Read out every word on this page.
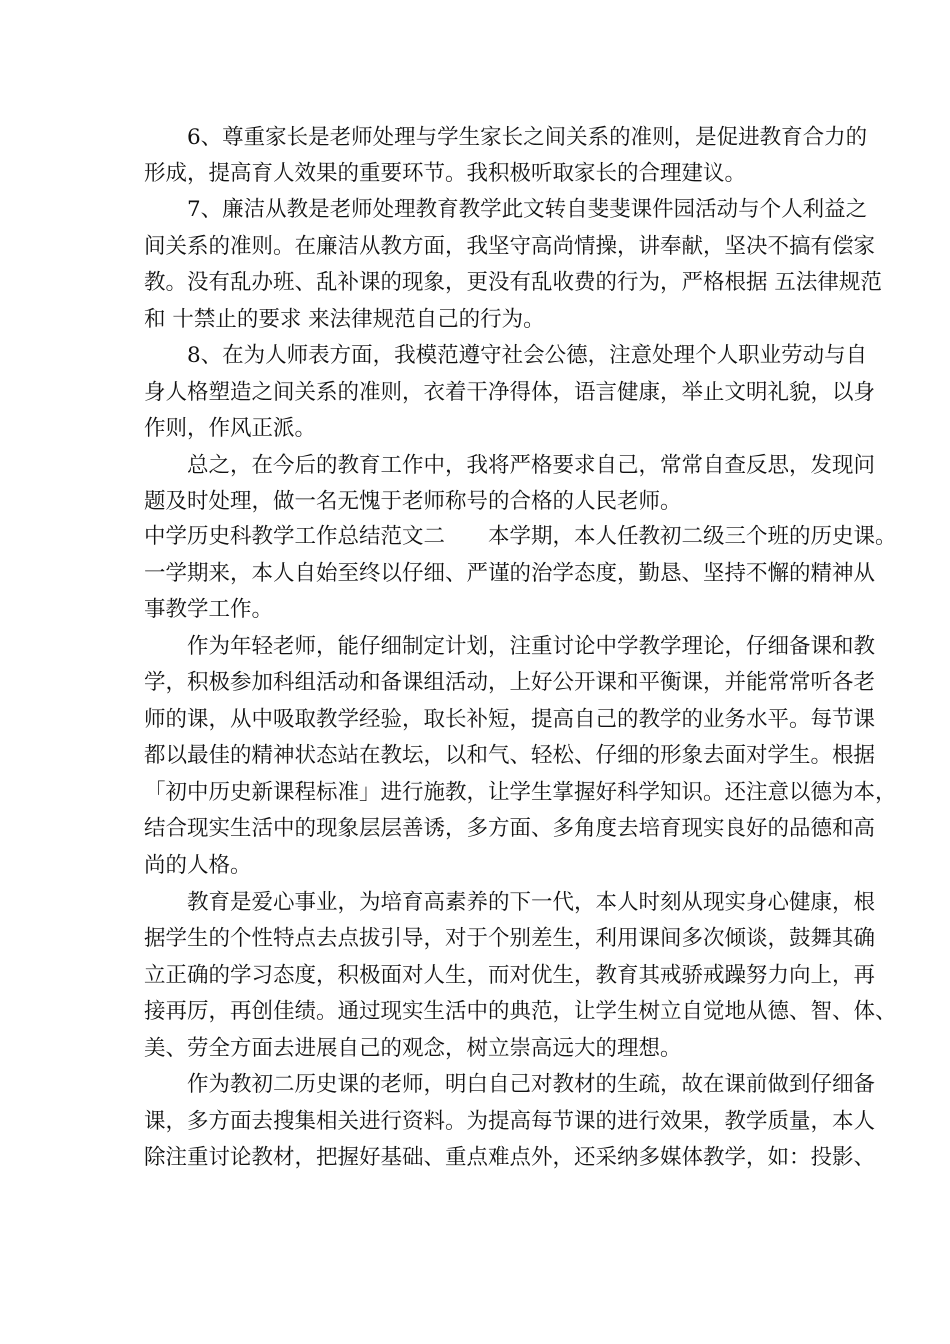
6、尊重家长是老师处理与学生家长之间关系的准则，是促进教育合力的
形成，提高育人效果的重要环节。我积极听取家长的合理建议。
7、廉洁从教是老师处理教育教学此文转自斐斐课件园活动与个人利益之
间关系的准则。在廉洁从教方面，我坚守高尚情操，讲奉献，坚决不搞有偿家
教。没有乱办班、乱补课的现象，更没有乱收费的行为，严格根据 五法律规范
和 十禁止的要求 来法律规范自己的行为。
8、在为人师表方面，我模范遵守社会公德，注意处理个人职业劳动与自
身人格塑造之间关系的准则，衣着干净得体，语言健康，举止文明礼貌，以身
作则，作风正派。
总之，在今后的教育工作中，我将严格要求自己，常常自查反思，发现问
题及时处理，做一名无愧于老师称号的合格的人民老师。
中学历史科教学工作总结范文二　　本学期，本人任教初二级三个班的历史课。
一学期来，本人自始至终以仔细、严谨的治学态度，勤恳、坚持不懈的精神从
事教学工作。
作为年轻老师，能仔细制定计划，注重讨论中学教学理论，仔细备课和教
学，积极参加科组活动和备课组活动，上好公开课和平衡课，并能常常听各老
师的课，从中吸取教学经验，取长补短，提高自己的教学的业务水平。每节课
都以最佳的精神状态站在教坛，以和气、轻松、仔细的形象去面对学生。根据
「初中历史新课程标准」进行施教，让学生掌握好科学知识。还注意以德为本，
结合现实生活中的现象层层善诱，多方面、多角度去培育现实良好的品德和高
尚的人格。
教育是爱心事业，为培育高素养的下一代，本人时刻从现实身心健康，根
据学生的个性特点去点拔引导，对于个别差生，利用课间多次倾谈，鼓舞其确
立正确的学习态度，积极面对人生，而对优生，教育其戒骄戒躁努力向上，再
接再厉，再创佳绩。通过现实生活中的典范，让学生树立自觉地从德、智、体、
美、劳全方面去进展自己的观念，树立崇高远大的理想。
作为教初二历史课的老师，明白自己对教材的生疏，故在课前做到仔细备
课，多方面去搜集相关进行资料。为提高每节课的进行效果，教学质量，本人
除注重讨论教材，把握好基础、重点难点外，还采纳多媒体教学，如：投影、
